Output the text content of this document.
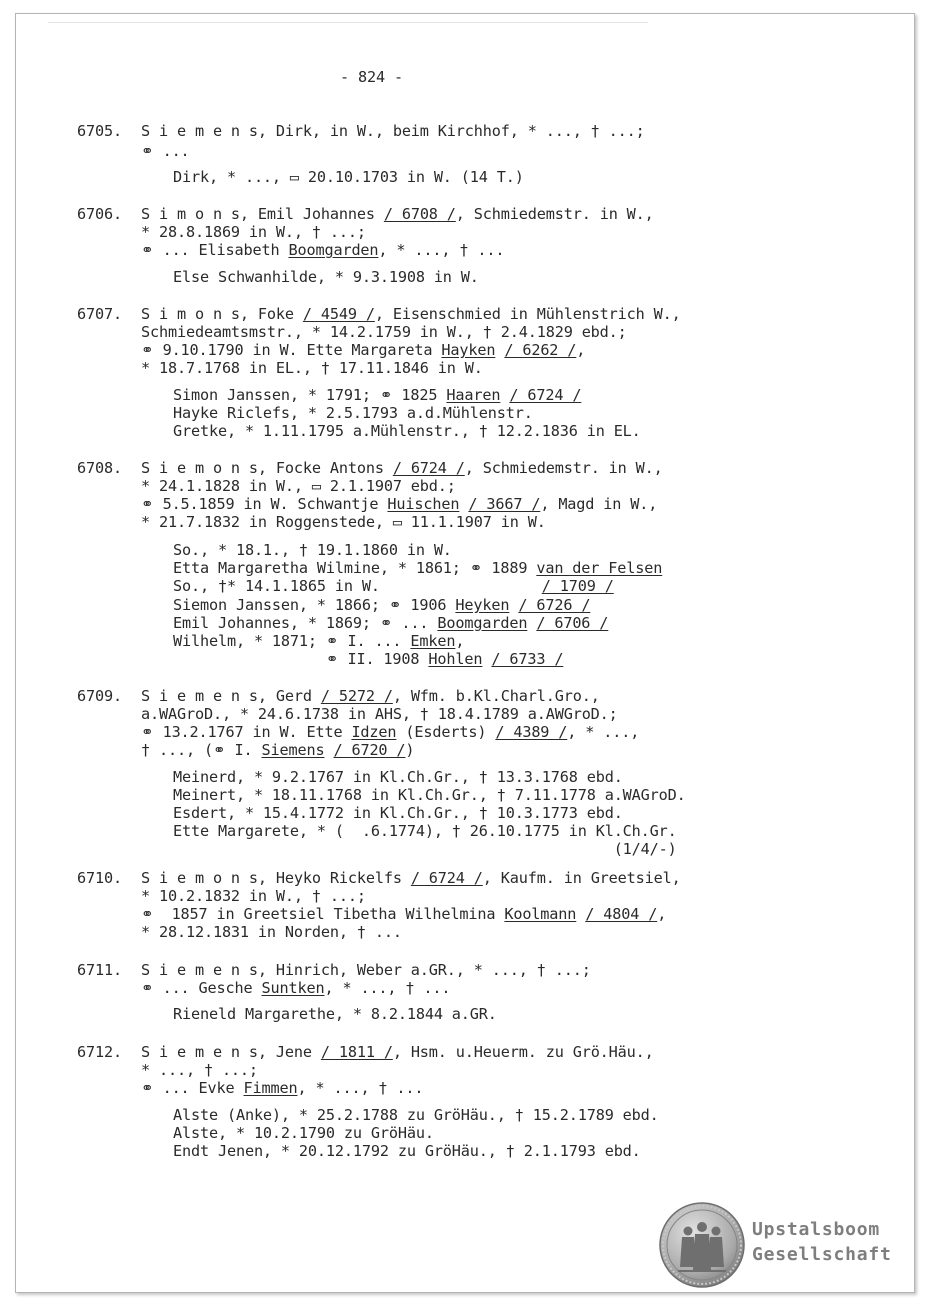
- 824 -
6705. S i e m e n s, Dirk, in W., beim Kirchhof, * ..., † ...;
⚭ ...
Dirk, * ..., ▭ 20.10.1703 in W. (14 T.)
6706. S i m o n s, Emil Johannes / 6708 /, Schmiedemstr. in W.,
* 28.8.1869 in W., † ...;
⚭ ... Elisabeth Boomgarden, * ..., † ...
Else Schwanhilde, * 9.3.1908 in W.
6707. S i m o n s, Foke / 4549 /, Eisenschmied in Mühlenstrich W.,
Schmiedeamtsmstr., * 14.2.1759 in W., † 2.4.1829 ebd.;
⚭ 9.10.1790 in W. Ette Margareta Hayken / 6262 /,
* 18.7.1768 in EL., † 17.11.1846 in W.
Simon Janssen, * 1791; ⚭ 1825 Haaren / 6724 /
Hayke Riclefs, * 2.5.1793 a.d.Mühlenstr.
Gretke, * 1.11.1795 a.Mühlenstr., † 12.2.1836 in EL.
6708. S i e m o n s, Focke Antons / 6724 /, Schmiedemstr. in W.,
* 24.1.1828 in W., ▭ 2.1.1907 ebd.;
⚭ 5.5.1859 in W. Schwantje Huischen / 3667 /, Magd in W.,
* 21.7.1832 in Roggenstede, ▭ 11.1.1907 in W.
So., * 18.1., † 19.1.1860 in W.
Etta Margaretha Wilmine, * 1861; ⚭ 1889 van der Felsen
So., †* 14.1.1865 in W.                  / 1709 /
Siemon Janssen, * 1866; ⚭ 1906 Heyken / 6726 /
Emil Johannes, * 1869; ⚭ ... Boomgarden / 6706 /
Wilhelm, * 1871; ⚭ I. ... Emken,
⚭ II. 1908 Hohlen / 6733 /
6709. S i e m e n s, Gerd / 5272 /, Wfm. b.Kl.Charl.Gro.,
a.WAGroD., * 24.6.1738 in AHS, † 18.4.1789 a.AWGroD.;
⚭ 13.2.1767 in W. Ette Idzen (Esderts) / 4389 /, * ...,
† ..., (⚭ I. Siemens / 6720 /)
Meinerd, * 9.2.1767 in Kl.Ch.Gr., † 13.3.1768 ebd.
Meinert, * 18.11.1768 in Kl.Ch.Gr., † 7.11.1778 a.WAGroD.
Esdert, * 15.4.1772 in Kl.Ch.Gr., † 10.3.1773 ebd.
Ette Margarete, * (  .6.1774), † 26.10.1775 in Kl.Ch.Gr.
(1/4/-)
6710. S i e m o n s, Heyko Rickelfs / 6724 /, Kaufm. in Greetsiel,
* 10.2.1832 in W., † ...;
⚭  1857 in Greetsiel Tibetha Wilhelmina Koolmann / 4804 /,
* 28.12.1831 in Norden, † ...
6711. S i e m e n s, Hinrich, Weber a.GR., * ..., † ...;
⚭ ... Gesche Suntken, * ..., † ...
Rieneld Margarethe, * 8.2.1844 a.GR.
6712. S i e m e n s, Jene / 1811 /, Hsm. u.Heuerm. zu Grö.Häu.,
* ..., † ...;
⚭ ... Evke Fimmen, * ..., † ...
Alste (Anke), * 25.2.1788 zu GröHäu., † 15.2.1789 ebd.
Alste, * 10.2.1790 zu GröHäu.
Endt Jenen, * 20.12.1792 zu GröHäu., † 2.1.1793 ebd.
Upstalsboom
Gesellschaft
